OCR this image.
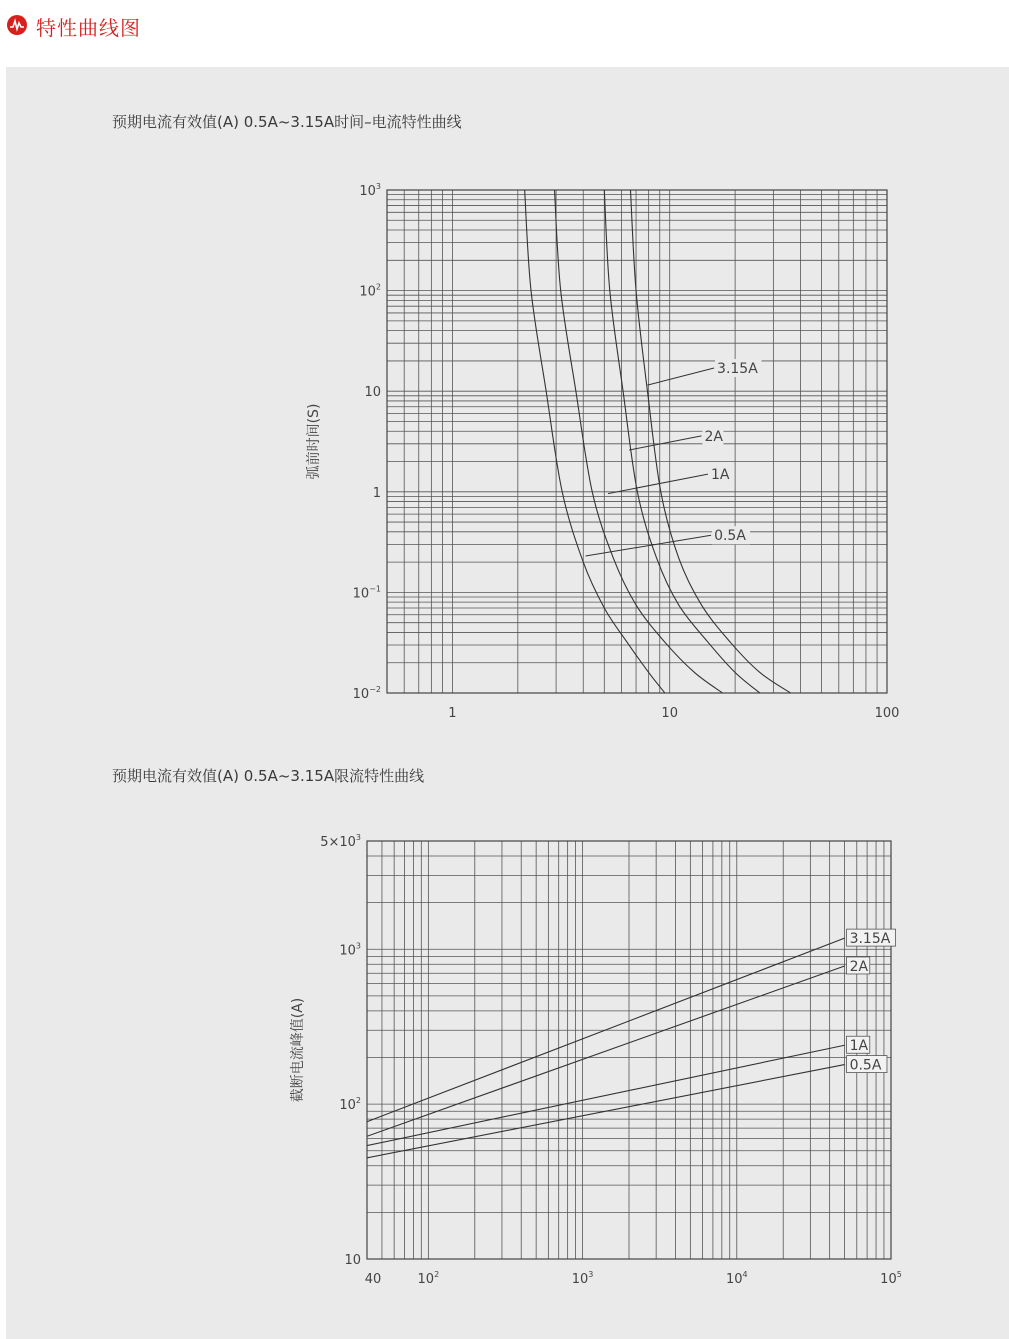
特性曲线图
预期电流有效值(A) 0.5A~3.15A时间–电流特性曲线
预期电流有效值(A) 0.5A~3.15A限流特性曲线
1	10	100
$10^3$
$10^2$
10
1
$10^{-1}$
$10^{-2}$
弧前时间(S)
3.15A
2A
1A
0.5A
40	$10^2$	$10^3$	$10^4$	$10^5$
$5\times 10^3$
$10^3$
$10^2$
10
截断电流峰值(A)
3.15A
2A
1A
0.5A
